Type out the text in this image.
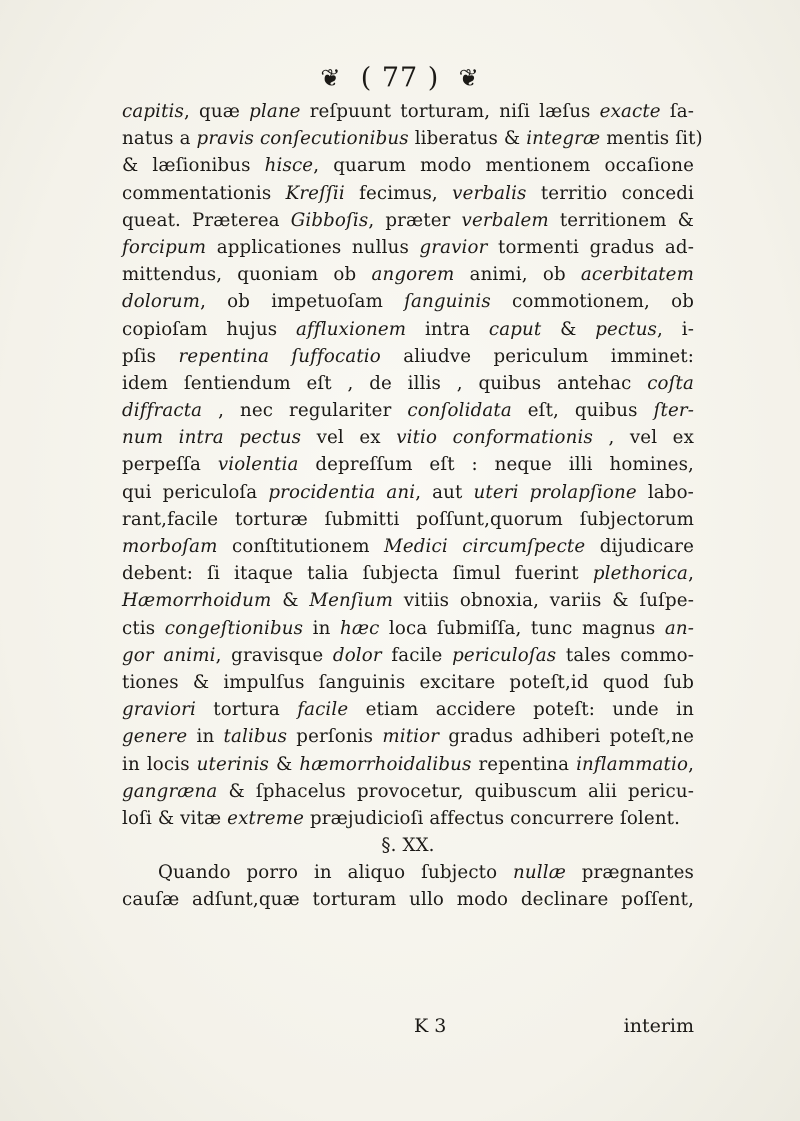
❦ ( 77 ) ❦
capitis, quæ plane reſpuunt torturam, niſi læſus exacte ſa-
natus a pravis conſecutionibus liberatus & integræ mentis ſit)
& læſionibus hisce, quarum modo mentionem occaſione
commentationis Kreſſii fecimus, verbalis territio concedi
queat. Præterea Gibboſis, præter verbalem territionem &
forcipum applicationes nullus gravior tormenti gradus ad-
mittendus, quoniam ob angorem animi, ob acerbitatem
dolorum, ob impetuoſam ſanguinis commotionem, ob
copioſam hujus affluxionem intra caput & pectus, i-
pſis repentina ſuffocatio aliudve periculum imminet:
idem ſentiendum eſt , de illis , quibus antehac coſta
diffracta , nec regulariter conſolidata eſt, quibus ſter-
num intra pectus vel ex vitio conformationis , vel ex
perpeſſa violentia depreſſum eſt : neque illi homines,
qui periculoſa procidentia ani, aut uteri prolapſione labo-
rant,facile torturæ ſubmitti poſſunt,quorum ſubjectorum
morboſam conſtitutionem Medici circumſpecte dijudicare
debent: ſi itaque talia ſubjecta ſimul fuerint plethorica,
Hæmorrhoidum & Menſium vitiis obnoxia, variis & ſuſpe-
ctis congeſtionibus in hæc loca ſubmiſſa, tunc magnus an-
gor animi, gravisque dolor facile periculoſas tales commo-
tiones & impulſus ſanguinis excitare poteſt,id quod ſub
graviori tortura facile etiam accidere poteſt: unde in
genere in talibus perſonis mitior gradus adhiberi poteſt,ne
in locis uterinis & hæmorrhoidalibus repentina inflammatio,
gangræna & ſphacelus provocetur, quibuscum alii pericu-
loſi & vitæ extreme præjudicioſi affectus concurrere ſolent.
§. XX.
Quando porro in aliquo ſubjecto nullæ prægnantes
cauſæ adſunt,quæ torturam ullo modo declinare poſſent,
K 3	interim
